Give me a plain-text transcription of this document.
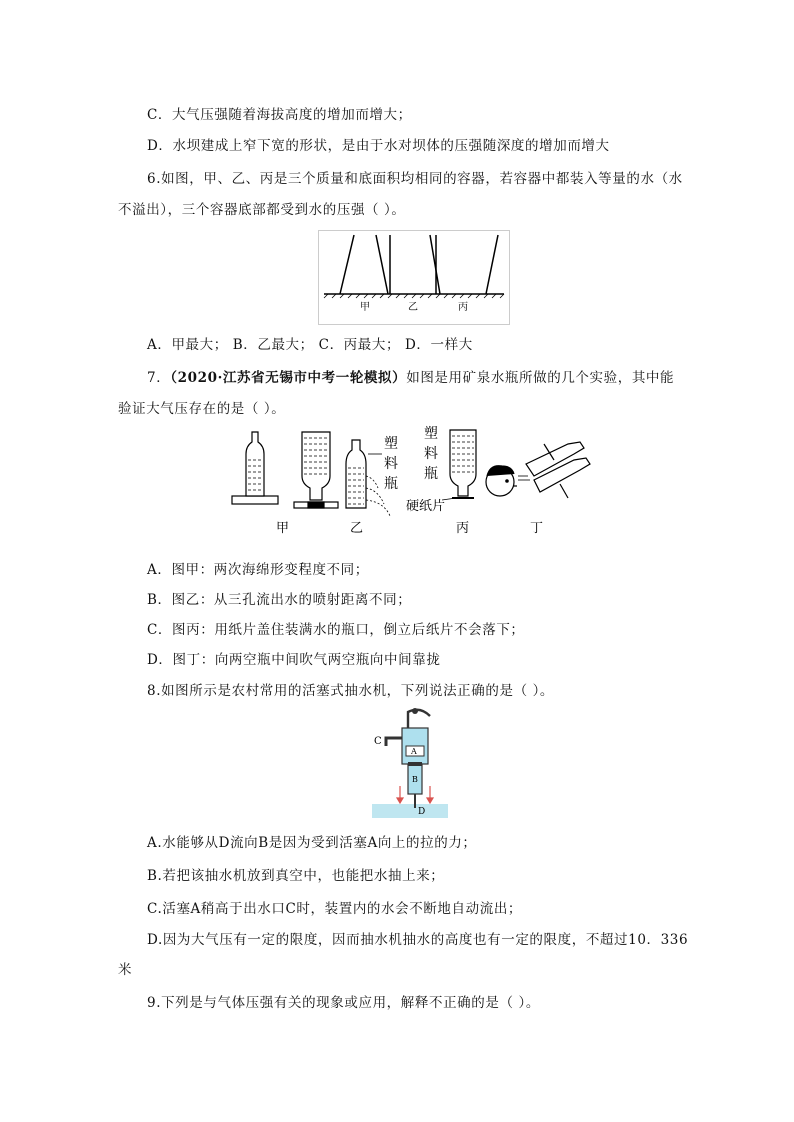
C．大气压强随着海拔高度的增加而增大；
D．水坝建成上窄下宽的形状，是由于水对坝体的压强随深度的增加而增大
6.如图，甲、乙、丙是三个质量和底面积均相同的容器，若容器中都装入等量的水（水
不溢出），三个容器底部都受到水的压强（ ）。
甲	乙	丙
A．甲最大； B．乙最大； C．丙最大； D．一样大
7．（2020·江苏省无锡市中考一轮模拟）如图是用矿泉水瓶所做的几个实验，其中能
验证大气压存在的是（ ）。
甲
塑
料
瓶
乙
塑
料
瓶
硬纸片
丙	丁
A．图甲：两次海绵形变程度不同；
B．图乙：从三孔流出水的喷射距离不同；
C．图丙：用纸片盖住装满水的瓶口，倒立后纸片不会落下；
D．图丁：向两空瓶中间吹气两空瓶向中间靠拢
8.如图所示是农村常用的活塞式抽水机，下列说法正确的是（ ）。
A
C
B
D
A.水能够从D流向B是因为受到活塞A向上的拉的力；
B.若把该抽水机放到真空中，也能把水抽上来；
C.活塞A稍高于出水口C时，装置内的水会不断地自动流出；
D.因为大气压有一定的限度，因而抽水机抽水的高度也有一定的限度，不超过10．336
米
9.下列是与气体压强有关的现象或应用，解释不正确的是（ ）。
